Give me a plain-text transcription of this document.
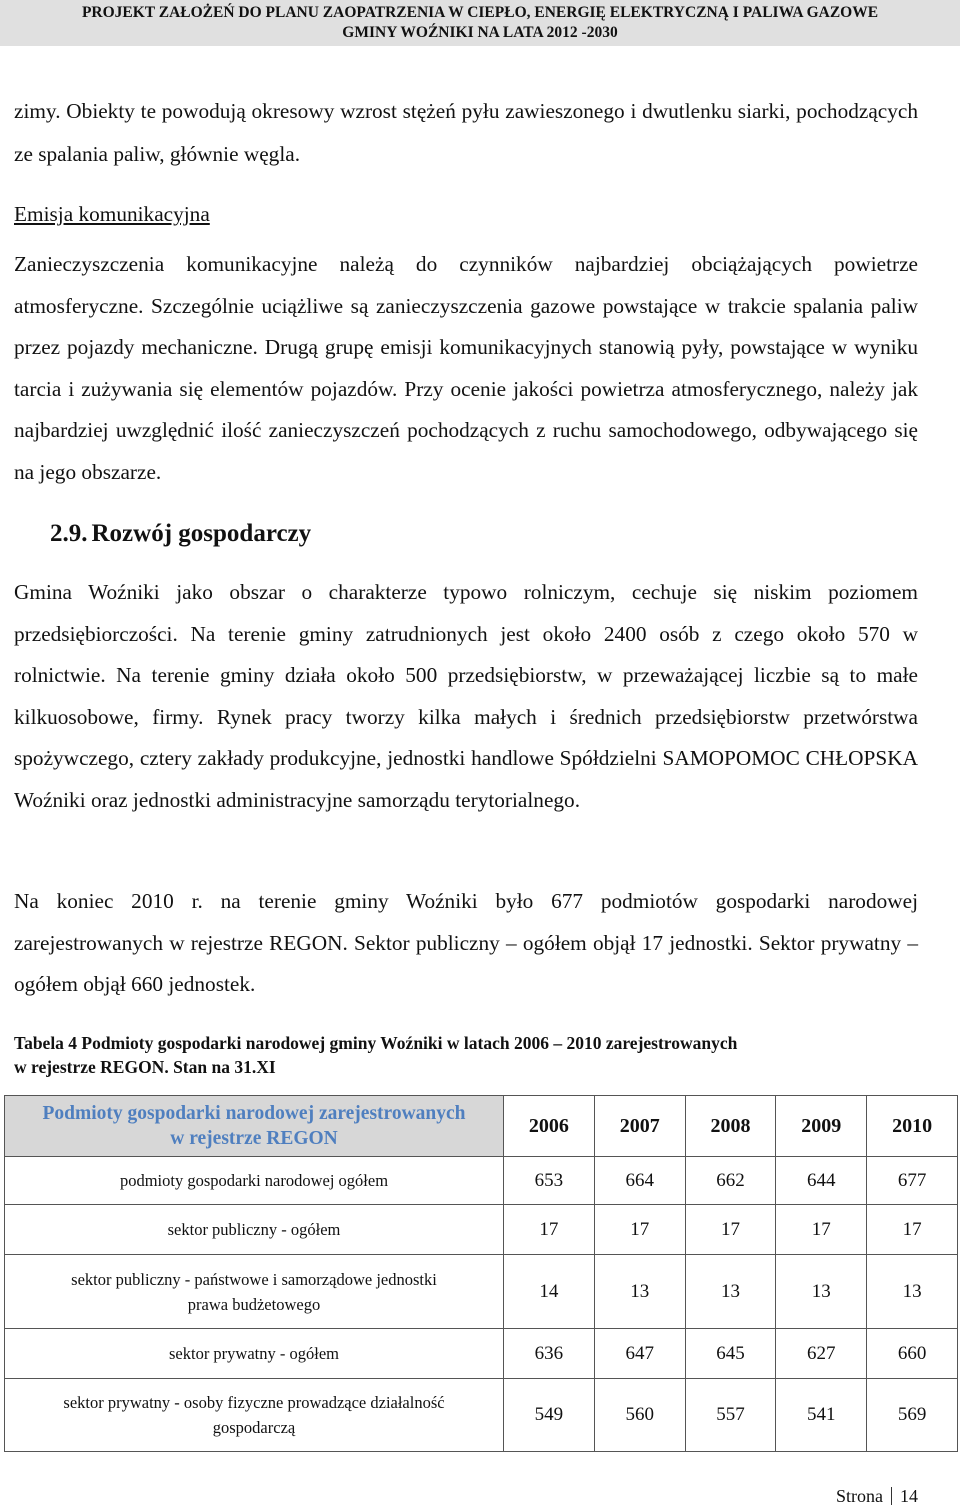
PROJEKT ZAŁOŻEŃ DO PLANU ZAOPATRZENIA W CIEPŁO, ENERGIĘ ELEKTRYCZNĄ I PALIWA GAZOWE
GMINY WOŹNIKI NA LATA 2012 -2030
zimy. Obiekty te powodują okresowy wzrost stężeń pyłu zawieszonego i dwutlenku siarki, pochodzących ze spalania paliw, głównie węgla.
Emisja komunikacyjna
Zanieczyszczenia komunikacyjne należą do czynników najbardziej obciążających powietrze atmosferyczne. Szczególnie uciążliwe są zanieczyszczenia gazowe powstające w trakcie spalania paliw przez pojazdy mechaniczne. Drugą grupę emisji komunikacyjnych stanowią pyły, powstające w wyniku tarcia i zużywania się elementów pojazdów. Przy ocenie jakości powietrza atmosferycznego, należy jak najbardziej uwzględnić ilość zanieczyszczeń pochodzących z ruchu samochodowego, odbywającego się na jego obszarze.
2.9. Rozwój gospodarczy
Gmina Woźniki jako obszar o charakterze typowo rolniczym, cechuje się niskim poziomem przedsiębiorczości. Na terenie gminy zatrudnionych jest około 2400 osób z czego około 570 w rolnictwie. Na terenie gminy działa około 500 przedsiębiorstw, w przeważającej liczbie są to małe kilkuosobowe, firmy. Rynek pracy tworzy kilka małych i średnich przedsiębiorstw przetwórstwa spożywczego, cztery zakłady produkcyjne, jednostki handlowe Spółdzielni SAMOPOMOC CHŁOPSKA Woźniki oraz jednostki administracyjne samorządu terytorialnego.
Na koniec 2010 r. na terenie gminy Woźniki było 677 podmiotów gospodarki narodowej zarejestrowanych w rejestrze REGON. Sektor publiczny – ogółem objął 17 jednostki. Sektor prywatny – ogółem objął 660 jednostek.
Tabela 4 Podmioty gospodarki narodowej gminy Woźniki w latach 2006 – 2010 zarejestrowanych
w rejestrze REGON. Stan na 31.XI
Podmioty gospodarki narodowej zarejestrowanych
w rejestrze REGON	2006	2007	2008	2009	2010

podmioty gospodarki narodowej ogółem	653	664	662	644	677

sektor publiczny - ogółem	17	17	17	17	17

sektor publiczny - państwowe i samorządowe jednostki
prawa budżetowego	14	13	13	13	13

sektor prywatny - ogółem	636	647	645	627	660

sektor prywatny - osoby fizyczne prowadzące działalność
gospodarczą	549	560	557	541	569
Strona 14
